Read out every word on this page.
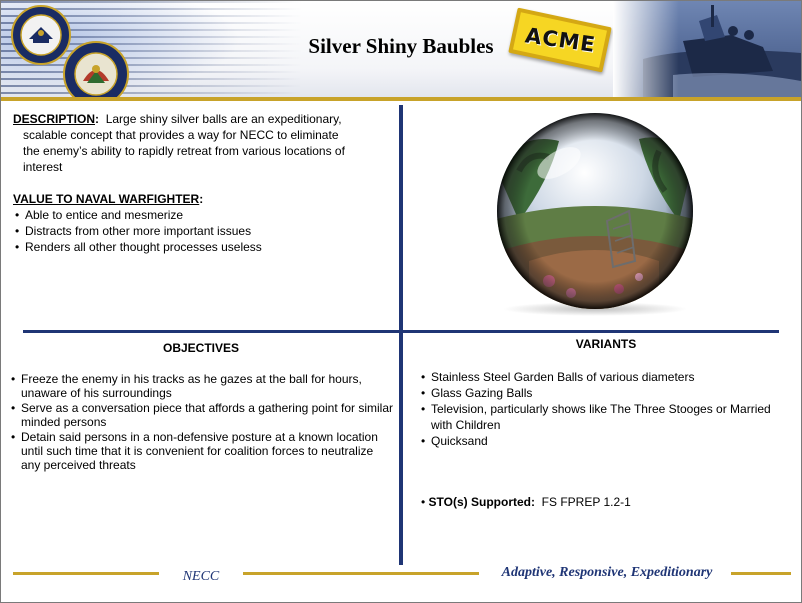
Silver Shiny Baubles	ACME
DESCRIPTION: Large shiny silver balls are an expeditionary,
scalable concept that provides a way for NECC to eliminate
the enemy’s ability to rapidly retreat from various locations of
interest
VALUE TO NAVAL WARFIGHTER:
• Able to entice and mesmerize
• Distracts from other more important issues
• Renders all other thought processes useless
OBJECTIVES
• Freeze the enemy in his tracks as he gazes at the ball for hours, unaware of his surroundings
• Serve as a conversation piece that affords a gathering point for similar minded persons
• Detain said persons in a non-defensive posture at a known location until such time that it is convenient for coalition forces to neutralize any perceived threats
VARIANTS
• Stainless Steel Garden Balls of various diameters
• Glass Gazing Balls
• Television, particularly shows like The Three Stooges or Married with Children
• Quicksand
• STO(s) Supported: FS FPREP 1.2-1
NECC	Adaptive, Responsive, Expeditionary
